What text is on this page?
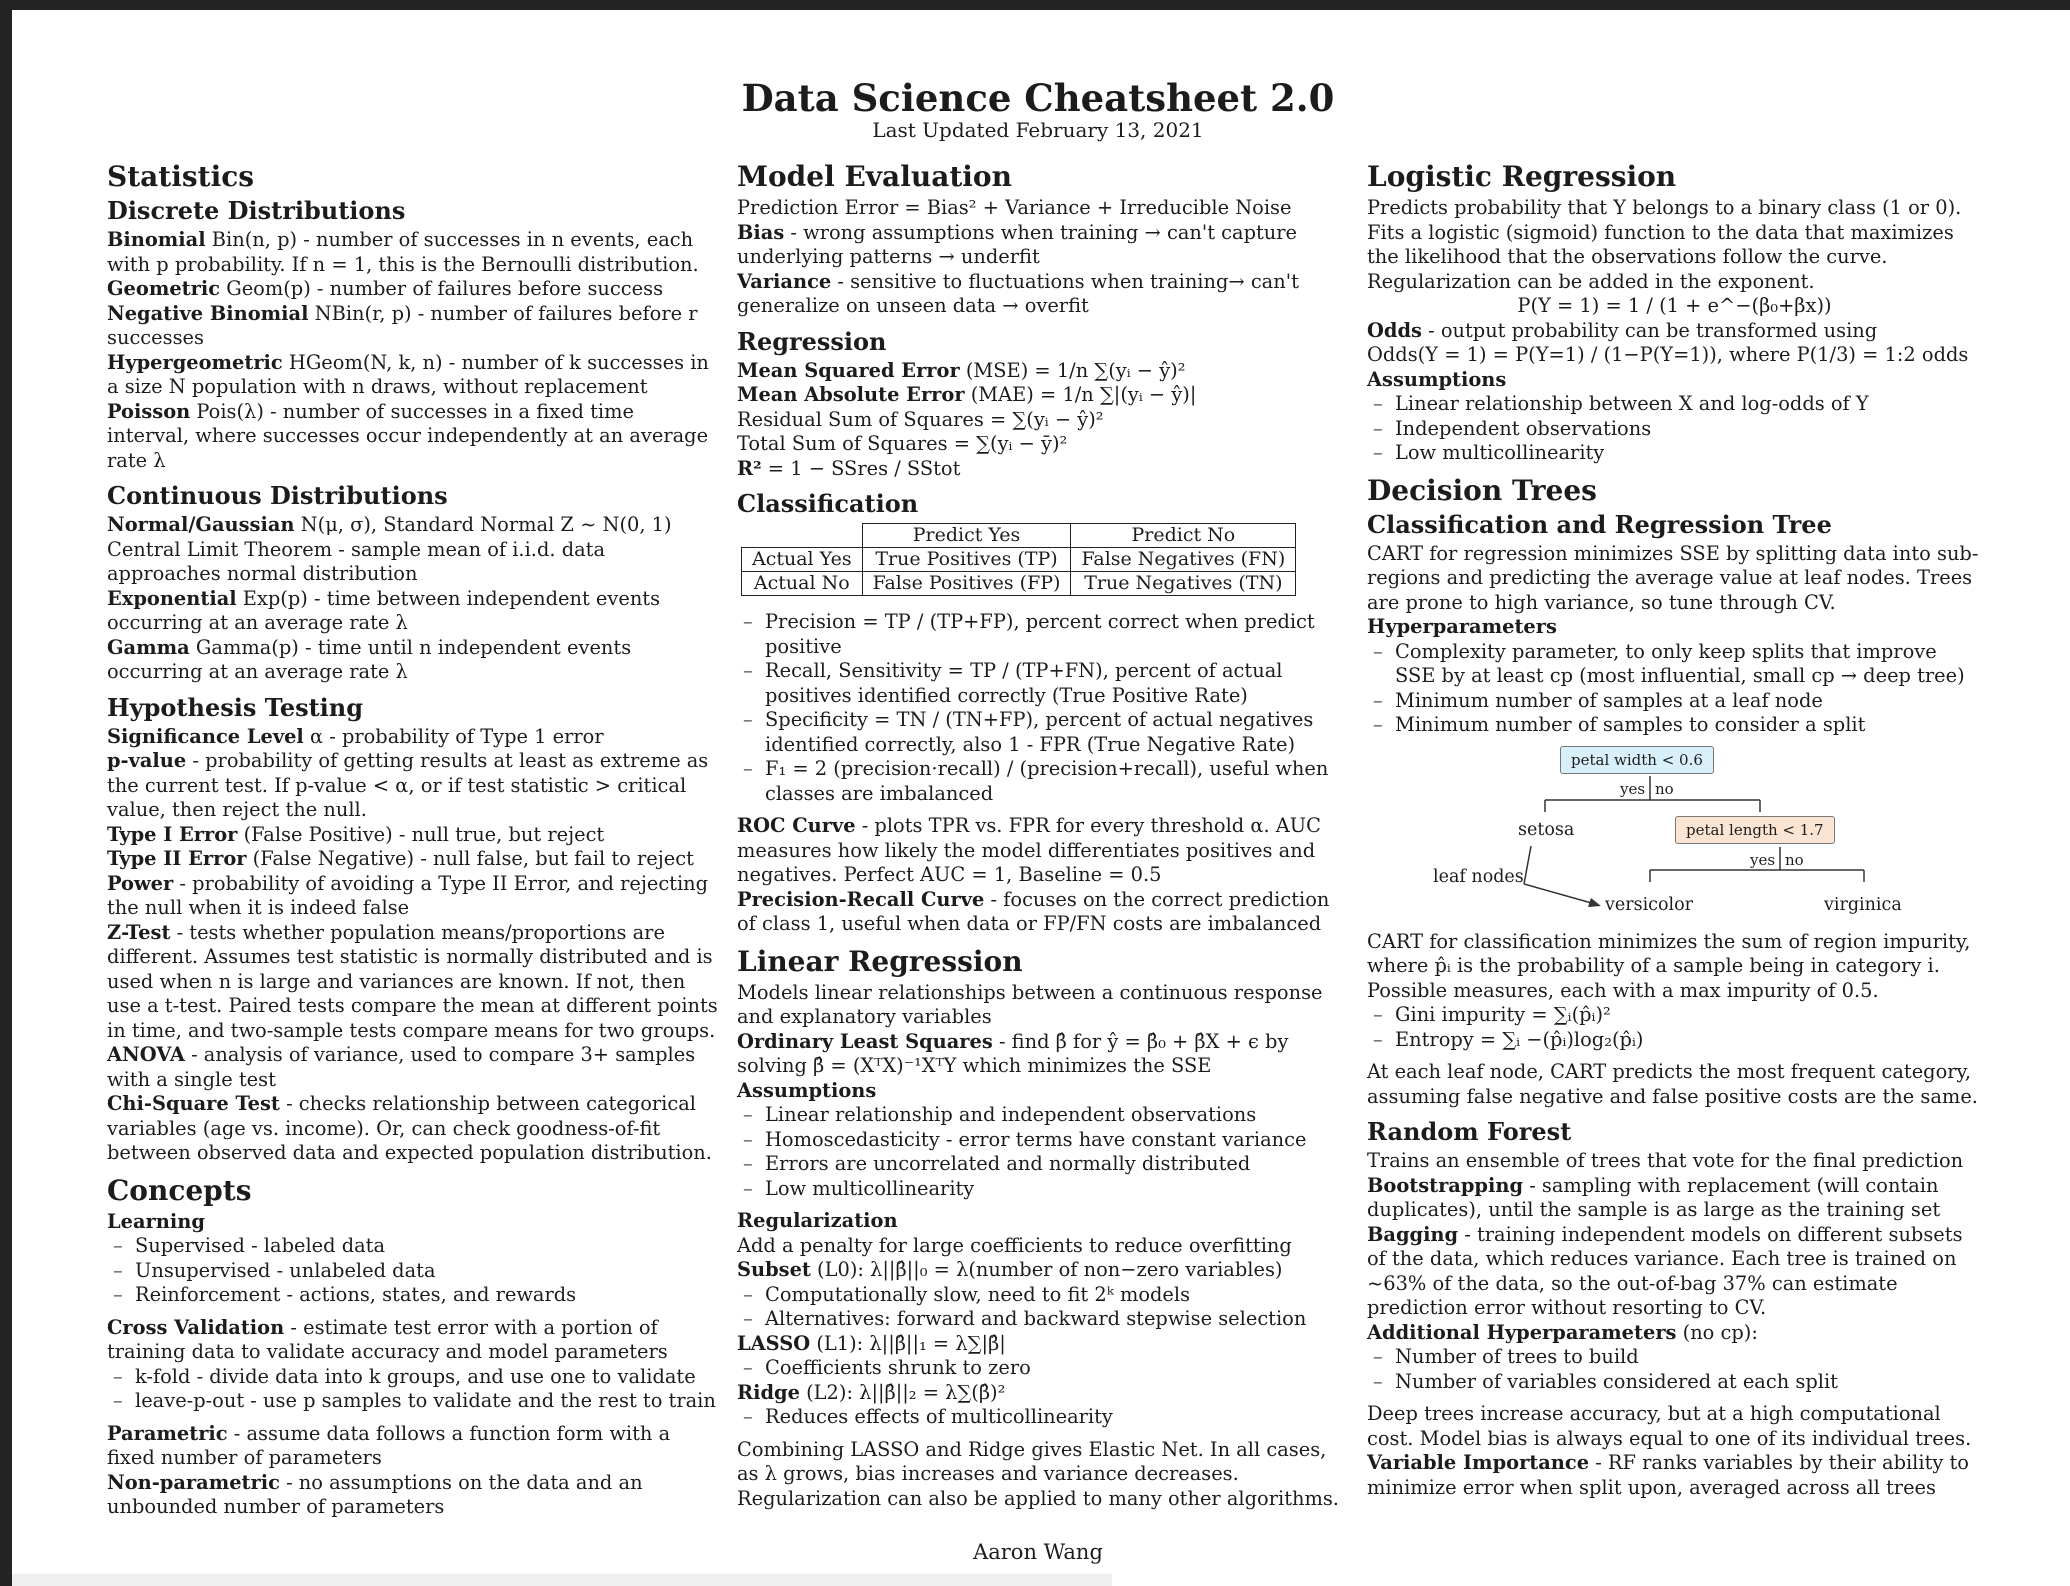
Data Science Cheatsheet 2.0
Last Updated February 13, 2021
Statistics
Discrete Distributions

Binomial Bin(n, p) - number of successes in n events, each with p probability. If n = 1, this is the Bernoulli distribution.

Geometric Geom(p) - number of failures before success

Negative Binomial NBin(r, p) - number of failures before r successes

Hypergeometric HGeom(N, k, n) - number of k successes in a size N population with n draws, without replacement

Poisson Pois(λ) - number of successes in a fixed time interval, where successes occur independently at an average rate λ

Continuous Distributions

Normal/Gaussian N(μ, σ), Standard Normal Z ∼ N(0, 1)

Central Limit Theorem - sample mean of i.i.d. data approaches normal distribution

Exponential Exp(p) - time between independent events occurring at an average rate λ

Gamma Gamma(p) - time until n independent events occurring at an average rate λ

Hypothesis Testing

Significance Level α - probability of Type 1 error

p-value - probability of getting results at least as extreme as the current test. If p-value < α, or if test statistic > critical value, then reject the null.

Type I Error (False Positive) - null true, but reject

Type II Error (False Negative) - null false, but fail to reject

Power - probability of avoiding a Type II Error, and rejecting the null when it is indeed false

Z-Test - tests whether population means/proportions are different. Assumes test statistic is normally distributed and is used when n is large and variances are known. If not, then use a t-test. Paired tests compare the mean at different points in time, and two-sample tests compare means for two groups.

ANOVA - analysis of variance, used to compare 3+ samples with a single test

Chi-Square Test - checks relationship between categorical variables (age vs. income). Or, can check goodness-of-fit between observed data and expected population distribution.

Concepts
Learning
– Supervised - labeled data
– Unsupervised - unlabeled data
– Reinforcement - actions, states, and rewards

Cross Validation - estimate test error with a portion of training data to validate accuracy and model parameters

– k-fold - divide data into k groups, and use one to validate
– leave-p-out - use p samples to validate and the rest to train

Parametric - assume data follows a function form with a fixed number of parameters

Non-parametric - no assumptions on the data and an unbounded number of parameters

Model Evaluation

Prediction Error = Bias² + Variance + Irreducible Noise

Bias - wrong assumptions when training → can't capture underlying patterns → underfit

Variance - sensitive to fluctuations when training→ can't generalize on unseen data → overfit

Regression

Mean Squared Error (MSE) = 1/n ∑(yᵢ − ŷ)²

Mean Absolute Error (MAE) = 1/n ∑|(yᵢ − ŷ)|

Residual Sum of Squares = ∑(yᵢ − ŷ)²

Total Sum of Squares = ∑(yᵢ − ȳ)²

R² = 1 − SSres / SStot

Classification
	Predict Yes	Predict No
Actual Yes	True Positives (TP)	False Negatives (FN)
Actual No	False Positives (FP)	True Negatives (TN)
– Precision = TP / (TP+FP), percent correct when predict positive
– Recall, Sensitivity = TP / (TP+FN), percent of actual positives identified correctly (True Positive Rate)
– Specificity = TN / (TN+FP), percent of actual negatives identified correctly, also 1 - FPR (True Negative Rate)
– F₁ = 2 (precision·recall) / (precision+recall), useful when classes are imbalanced

ROC Curve - plots TPR vs. FPR for every threshold α. AUC measures how likely the model differentiates positives and negatives. Perfect AUC = 1, Baseline = 0.5

Precision-Recall Curve - focuses on the correct prediction of class 1, useful when data or FP/FN costs are imbalanced

Linear Regression

Models linear relationships between a continuous response and explanatory variables

Ordinary Least Squares - find β̂ for ŷ = β̂₀ + β̂X + ϵ by solving β̂ = (XᵀX)⁻¹XᵀY which minimizes the SSE

Assumptions
– Linear relationship and independent observations
– Homoscedasticity - error terms have constant variance
– Errors are uncorrelated and normally distributed
– Low multicollinearity
Regularization

Add a penalty for large coefficients to reduce overfitting

Subset (L0): λ||β̂||₀ = λ(number of non−zero variables)

– Computationally slow, need to fit 2ᵏ models
– Alternatives: forward and backward stepwise selection

LASSO (L1): λ||β̂||₁ = λ∑|β̂|

– Coefficients shrunk to zero

Ridge (L2): λ||β̂||₂ = λ∑(β̂)²

– Reduces effects of multicollinearity

Combining LASSO and Ridge gives Elastic Net. In all cases, as λ grows, bias increases and variance decreases. Regularization can also be applied to many other algorithms.

Logistic Regression

Predicts probability that Y belongs to a binary class (1 or 0). Fits a logistic (sigmoid) function to the data that maximizes the likelihood that the observations follow the curve. Regularization can be added in the exponent.

P(Y = 1) = 1 / (1 + e^−(β₀+βx))

Odds - output probability can be transformed using

Odds(Y = 1) = P(Y=1) / (1−P(Y=1)), where P(1/3) = 1:2 odds

Assumptions
– Linear relationship between X and log-odds of Y
– Independent observations
– Low multicollinearity
Decision Trees
Classification and Regression Tree

CART for regression minimizes SSE by splitting data into sub-regions and predicting the average value at leaf nodes. Trees are prone to high variance, so tune through CV.

Hyperparameters
– Complexity parameter, to only keep splits that improve SSE by at least cp (most influential, small cp → deep tree)
– Minimum number of samples at a leaf node
– Minimum number of samples to consider a split
petal width < 0.6
yes no
setosa	petal length < 1.7
yes no
leaf nodes
versicolor	virginica

CART for classification minimizes the sum of region impurity, where p̂ᵢ is the probability of a sample being in category i. Possible measures, each with a max impurity of 0.5.

– Gini impurity = ∑ᵢ(p̂ᵢ)²
– Entropy = ∑ᵢ −(p̂ᵢ)log₂(p̂ᵢ)

At each leaf node, CART predicts the most frequent category, assuming false negative and false positive costs are the same.

Random Forest

Trains an ensemble of trees that vote for the final prediction

Bootstrapping - sampling with replacement (will contain duplicates), until the sample is as large as the training set

Bagging - training independent models on different subsets of the data, which reduces variance. Each tree is trained on ~63% of the data, so the out-of-bag 37% can estimate prediction error without resorting to CV.

Additional Hyperparameters (no cp):

– Number of trees to build
– Number of variables considered at each split

Deep trees increase accuracy, but at a high computational cost. Model bias is always equal to one of its individual trees.

Variable Importance - RF ranks variables by their ability to minimize error when split upon, averaged across all trees

Aaron Wang
